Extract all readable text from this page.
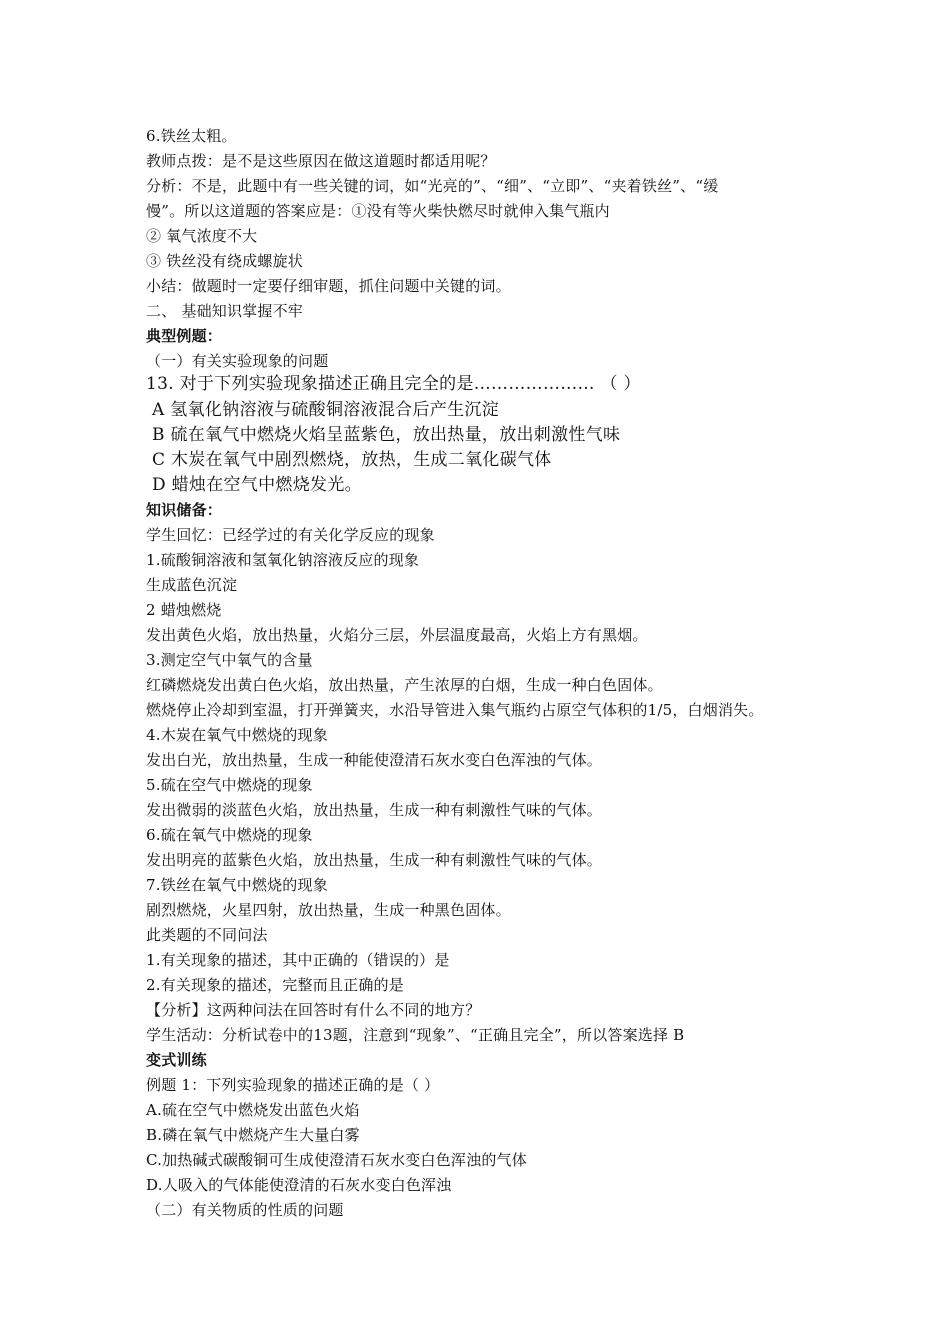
6.铁丝太粗。
教师点拨：是不是这些原因在做这道题时都适用呢？
分析：不是，此题中有一些关键的词，如“光亮的”、“细”、“立即”、“夹着铁丝”、“缓
慢”。所以这道题的答案应是：①没有等火柴快燃尽时就伸入集气瓶内
② 氧气浓度不大
③ 铁丝没有绕成螺旋状
小结：做题时一定要仔细审题，抓住问题中关键的词。
二、 基础知识掌握不牢
典型例题：
（一）有关实验现象的问题
13. 对于下列实验现象描述正确且完全的是………………… （ ）
A 氢氧化钠溶液与硫酸铜溶液混合后产生沉淀
B 硫在氧气中燃烧火焰呈蓝紫色，放出热量，放出刺激性气味
C 木炭在氧气中剧烈燃烧，放热，生成二氧化碳气体
D 蜡烛在空气中燃烧发光。
知识储备：
学生回忆：已经学过的有关化学反应的现象
1.硫酸铜溶液和氢氧化钠溶液反应的现象
生成蓝色沉淀
2 蜡烛燃烧
发出黄色火焰，放出热量，火焰分三层，外层温度最高，火焰上方有黑烟。
3.测定空气中氧气的含量
红磷燃烧发出黄白色火焰，放出热量，产生浓厚的白烟，生成一种白色固体。
燃烧停止冷却到室温，打开弹簧夹，水沿导管进入集气瓶约占原空气体积的1/5，白烟消失。
4.木炭在氧气中燃烧的现象
发出白光，放出热量，生成一种能使澄清石灰水变白色浑浊的气体。
5.硫在空气中燃烧的现象
发出微弱的淡蓝色火焰，放出热量，生成一种有刺激性气味的气体。
6.硫在氧气中燃烧的现象
发出明亮的蓝紫色火焰，放出热量，生成一种有刺激性气味的气体。
7.铁丝在氧气中燃烧的现象
剧烈燃烧，火星四射，放出热量，生成一种黑色固体。
此类题的不同问法
1.有关现象的描述，其中正确的（错误的）是
2.有关现象的描述，完整而且正确的是
【分析】这两种问法在回答时有什么不同的地方？
学生活动：分析试卷中的13题，注意到“现象”、“正确且完全”，所以答案选择 B
变式训练
例题 1：下列实验现象的描述正确的是（ ）
A.硫在空气中燃烧发出蓝色火焰
B.磷在氧气中燃烧产生大量白雾
C.加热碱式碳酸铜可生成使澄清石灰水变白色浑浊的气体
D.人吸入的气体能使澄清的石灰水变白色浑浊
（二）有关物质的性质的问题
